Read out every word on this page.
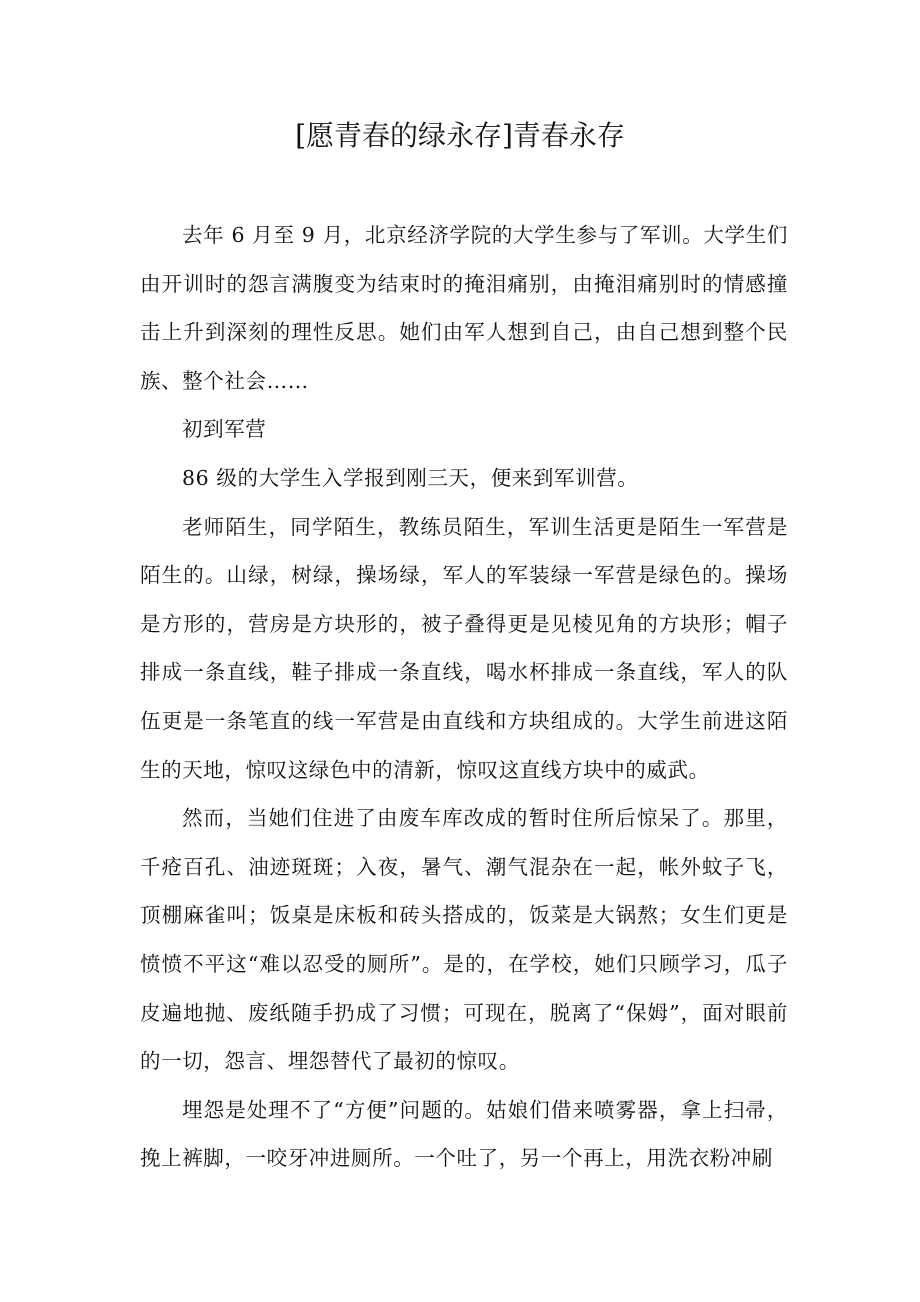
[愿青春的绿永存]青春永存

去年 6 月至 9 月，北京经济学院的大学生参与了军训。大学生们由开训时的怨言满腹变为结束时的掩泪痛别，由掩泪痛别时的情感撞击上升到深刻的理性反思。她们由军人想到自己，由自己想到整个民族、整个社会……

初到军营

86 级的大学生入学报到刚三天，便来到军训营。

老师陌生，同学陌生，教练员陌生，军训生活更是陌生一军营是陌生的。山绿，树绿，操场绿，军人的军装绿一军营是绿色的。操场是方形的，营房是方块形的，被子叠得更是见棱见角的方块形；帽子排成一条直线，鞋子排成一条直线，喝水杯排成一条直线，军人的队伍更是一条笔直的线一军营是由直线和方块组成的。大学生前进这陌生的天地，惊叹这绿色中的清新，惊叹这直线方块中的威武。

然而，当她们住进了由废车库改成的暂时住所后惊呆了。那里，千疮百孔、油迹斑斑；入夜，暑气、潮气混杂在一起，帐外蚊子飞，顶棚麻雀叫；饭桌是床板和砖头搭成的，饭菜是大锅熬；女生们更是愤愤不平这“难以忍受的厕所”。是的，在学校，她们只顾学习，瓜子皮遍地抛、废纸随手扔成了习惯；可现在，脱离了“保姆”，面对眼前的一切，怨言、埋怨替代了最初的惊叹。

埋怨是处理不了“方便”问题的。姑娘们借来喷雾器，拿上扫帚，挽上裤脚，一咬牙冲进厕所。一个吐了，另一个再上，用洗衣粉冲刷
